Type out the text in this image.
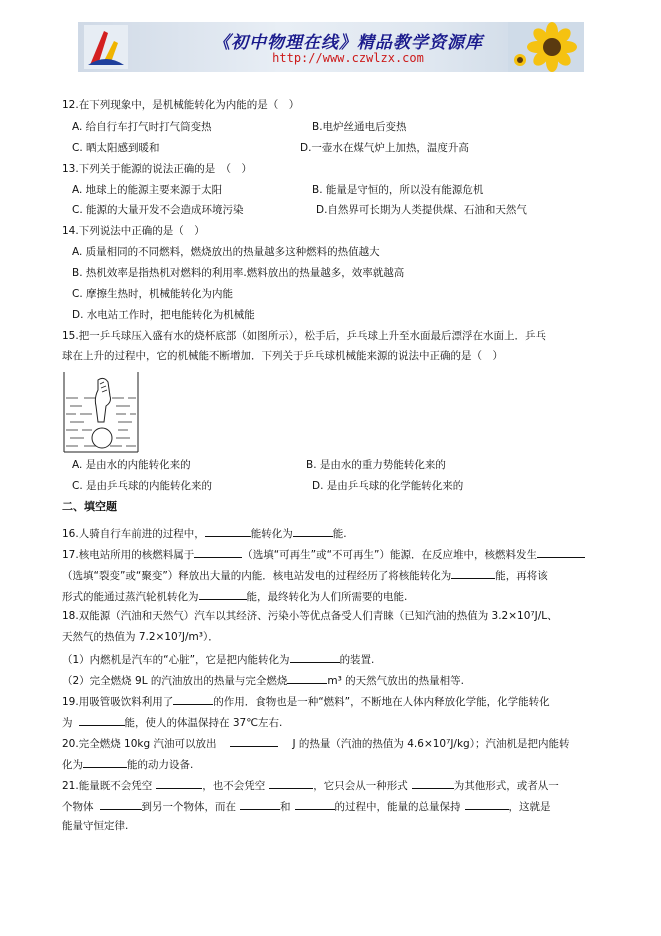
《初中物理在线》精品教学资源库
http://www.czwlzx.com
12.在下列现象中，是机械能转化为内能的是（　）
A. 给自行车打气时打气筒变热	B.电炉丝通电后变热
C. 晒太阳感到暖和	D.一壶水在煤气炉上加热，温度升高
13.下列关于能源的说法正确的是　（　）
A. 地球上的能源主要来源于太阳	B. 能量是守恒的，所以没有能源危机
C. 能源的大量开发不会造成环境污染	D.自然界可长期为人类提供煤、石油和天然气
14.下列说法中正确的是（　）
A. 质量相同的不同燃料，燃烧放出的热量越多这种燃料的热值越大
B. 热机效率是指热机对燃料的利用率.燃料放出的热量越多，效率就越高
C. 摩擦生热时，机械能转化为内能
D. 水电站工作时，把电能转化为机械能
15.把一乒乓球压入盛有水的烧杯底部（如图所示），松手后，乒乓球上升至水面最后漂浮在水面上．乒乓
球在上升的过程中，它的机械能不断增加．下列关于乒乓球机械能来源的说法中正确的是（　）
A. 是由水的内能转化来的	B. 是由水的重力势能转化来的
C. 是由乒乓球的内能转化来的	D. 是由乒乓球的化学能转化来的
二、填空题
16.人骑自行车前进的过程中，	能转化为	能.
17.核电站所用的核燃料属于	（选填“可再生”或“不可再生”）能源．在反应堆中，核燃料发生
（选填“裂变”或“聚变”）释放出大量的内能．核电站发电的过程经历了将核能转化为	能，再将该
形式的能通过蒸汽轮机转化为	能，最终转化为人们所需要的电能.
18.双能源（汽油和天然气）汽车以其经济、污染小等优点备受人们青睐（已知汽油的热值为 3.2×10⁷J/L、
天然气的热值为 7.2×10⁷J/m³）．
（1）内燃机是汽车的“心脏”，它是把内能转化为	的装置.
（2）完全燃烧 9L 的汽油放出的热量与完全燃烧	m³ 的天然气放出的热量相等.
19.用吸管吸饮料利用了	的作用．食物也是一种“燃料”，不断地在人体内释放化学能，化学能转化
为	能，使人的体温保持在 37℃左右.
20.完全燃烧 10kg 汽油可以放出	J 的热量（汽油的热值为 4.6×10⁷J/kg）；汽油机是把内能转
化为	能的动力设备.
21.能量既不会凭空	，也不会凭空	，它只会从一种形式	为其他形式，或者从一
个物体	到另一个物体，而在	和	的过程中，能量的总量保持	，这就是
能量守恒定律.
